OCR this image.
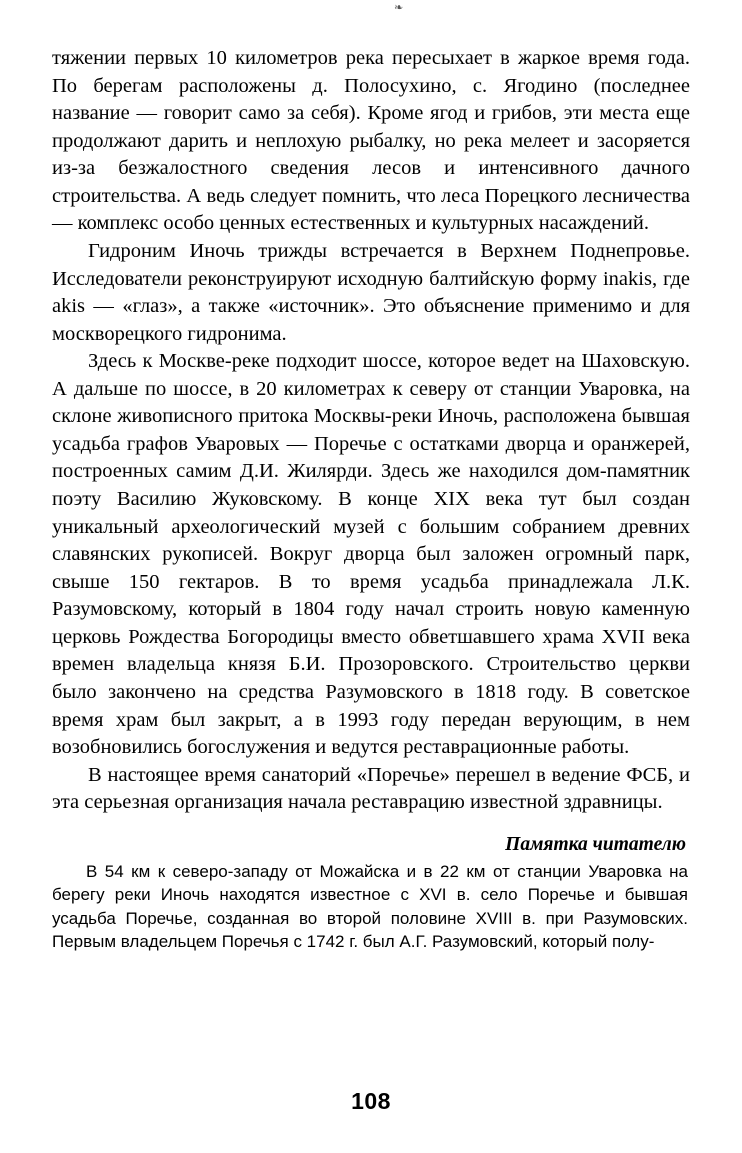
❧

тяжении первых 10 километров река пересыхает в жаркое время года. По берегам расположены д. Полосухино, с. Ягодино (последнее название — говорит само за себя). Кроме ягод и грибов, эти места еще продолжают дарить и неплохую рыбалку, но река мелеет и засоряется из-за безжалостного сведения лесов и интенсивного дачного строительства. А ведь следует помнить, что леса Порецкого лесничества — комплекс особо ценных естественных и культурных насаждений.

Гидроним Иночь трижды встречается в Верхнем Поднепровье. Исследователи реконструируют исходную балтийскую форму inakis, где akis — «глаз», а также «источник». Это объяснение применимо и для москворецкого гидронима.

Здесь к Москве-реке подходит шоссе, которое ведет на Шаховскую. А дальше по шоссе, в 20 километрах к северу от станции Уваровка, на склоне живописного притока Москвы-реки Иночь, расположена бывшая усадьба графов Уваровых — Поречье с остатками дворца и оранжерей, построенных самим Д.И. Жилярди. Здесь же находился дом-памятник поэту Василию Жуковскому. В конце XIX века тут был создан уникальный археологический музей с большим собранием древних славянских рукописей. Вокруг дворца был заложен огромный парк, свыше 150 гектаров. В то время усадьба принадлежала Л.К. Разумовскому, который в 1804 году начал строить новую каменную церковь Рождества Богородицы вместо обветшавшего храма XVII века времен владельца князя Б.И. Прозоровского. Строительство церкви было закончено на средства Разумовского в 1818 году. В советское время храм был закрыт, а в 1993 году передан верующим, в нем возобновились богослужения и ведутся реставрационные работы.

В настоящее время санаторий «Поречье» перешел в ведение ФСБ, и эта серьезная организация начала реставрацию известной здравницы.

Памятка читателю

В 54 км к северо-западу от Можайска и в 22 км от станции Уваровка на берегу реки Иночь находятся известное с XVI в. село Поречье и бывшая усадьба Поречье, созданная во второй половине XVIII в. при Разумовских. Первым владельцем Поречья с 1742 г. был А.Г. Разумовский, который полу-

108
